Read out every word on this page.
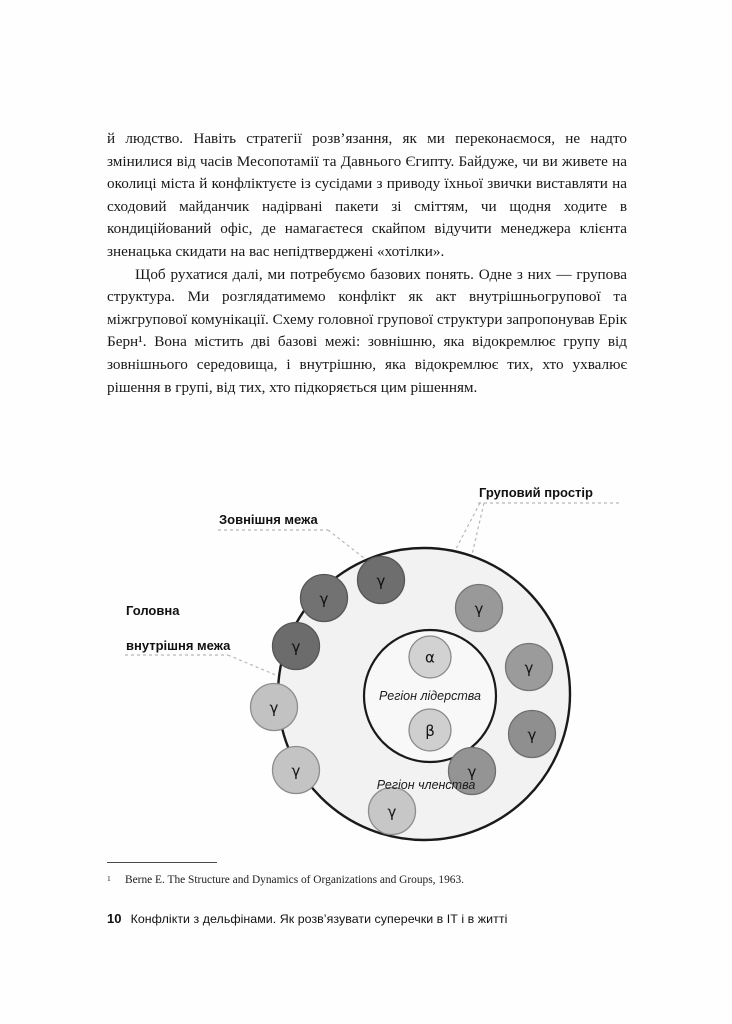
й людство. Навіть стратегії розв’язання, як ми переконаємося, не надто змінилися від часів Месопотамії та Давнього Єгипту. Байдуже, чи ви живете на околиці міста й конфліктуєте із сусідами з приводу їхньої звички виставляти на сходовий майданчик надірвані пакети зі сміттям, чи щодня ходите в кондиційований офіс, де намагаєтеся скайпом відучити менеджера клієнта зненацька скидати на вас непідтверджені «хотілки».

Щоб рухатися далі, ми потребуємо базових понять. Одне з них — групова структура. Ми розглядатимемо конфлікт як акт внутрішньогрупової та міжгрупової комунікації. Схему головної групової структури запропонував Ерік Берн¹. Вона містить дві базові межі: зовнішню, яка відокремлює групу від зовнішнього середовища, і внутрішню, яка відокремлює тих, хто ухвалює рішення в групі, від тих, хто підкоряється цим рішенням.

α
β
γ
γ
γ
γ
γ
γ
γ
γ
γ
γ
Регіон лідерства
Регіон членства
Зовнішня межа
Головна
внутрішня межа
Груповий простір
1	Berne E. The Structure and Dynamics of Organizations and Groups, 1963.
10 Конфлікти з дельфінами. Як розв’язувати суперечки в ІТ і в житті
